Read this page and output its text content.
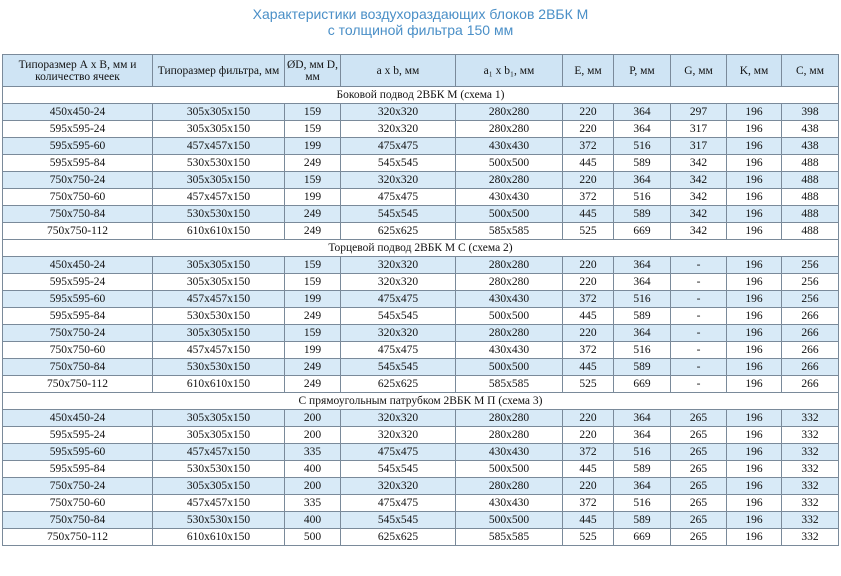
Характеристики воздухораздающих блоков 2ВБК М
с толщиной фильтра 150 мм
Типоразмер А х В, мм и количество ячеек	Типоразмер фильтра, мм	ØD, мм D, мм	a x b, мм	a₁ x b₁, мм	E, мм	P, мм	G, мм	K, мм	C, мм
Боковой подвод 2ВБК М (схема 1)									
450x450-24	305x305x150	159	320x320	280x280	220	364	297	196	398
595x595-24	305x305x150	159	320x320	280x280	220	364	317	196	438
595x595-60	457x457x150	199	475x475	430x430	372	516	317	196	438
595x595-84	530x530x150	249	545x545	500x500	445	589	342	196	488
750x750-24	305x305x150	159	320x320	280x280	220	364	342	196	488
750x750-60	457x457x150	199	475x475	430x430	372	516	342	196	488
750x750-84	530x530x150	249	545x545	500x500	445	589	342	196	488
750x750-112	610x610x150	249	625x625	585x585	525	669	342	196	488
Торцевой подвод 2ВБК М С (схема 2)									
450x450-24	305x305x150	159	320x320	280x280	220	364	-	196	256
595x595-24	305x305x150	159	320x320	280x280	220	364	-	196	256
595x595-60	457x457x150	199	475x475	430x430	372	516	-	196	256
595x595-84	530x530x150	249	545x545	500x500	445	589	-	196	266
750x750-24	305x305x150	159	320x320	280x280	220	364	-	196	266
750x750-60	457x457x150	199	475x475	430x430	372	516	-	196	266
750x750-84	530x530x150	249	545x545	500x500	445	589	-	196	266
750x750-112	610x610x150	249	625x625	585x585	525	669	-	196	266
С прямоугольным патрубком 2ВБК М П (схема 3)									
450x450-24	305x305x150	200	320x320	280x280	220	364	265	196	332
595x595-24	305x305x150	200	320x320	280x280	220	364	265	196	332
595x595-60	457x457x150	335	475x475	430x430	372	516	265	196	332
595x595-84	530x530x150	400	545x545	500x500	445	589	265	196	332
750x750-24	305x305x150	200	320x320	280x280	220	364	265	196	332
750x750-60	457x457x150	335	475x475	430x430	372	516	265	196	332
750x750-84	530x530x150	400	545x545	500x500	445	589	265	196	332
750x750-112	610x610x150	500	625x625	585x585	525	669	265	196	332
